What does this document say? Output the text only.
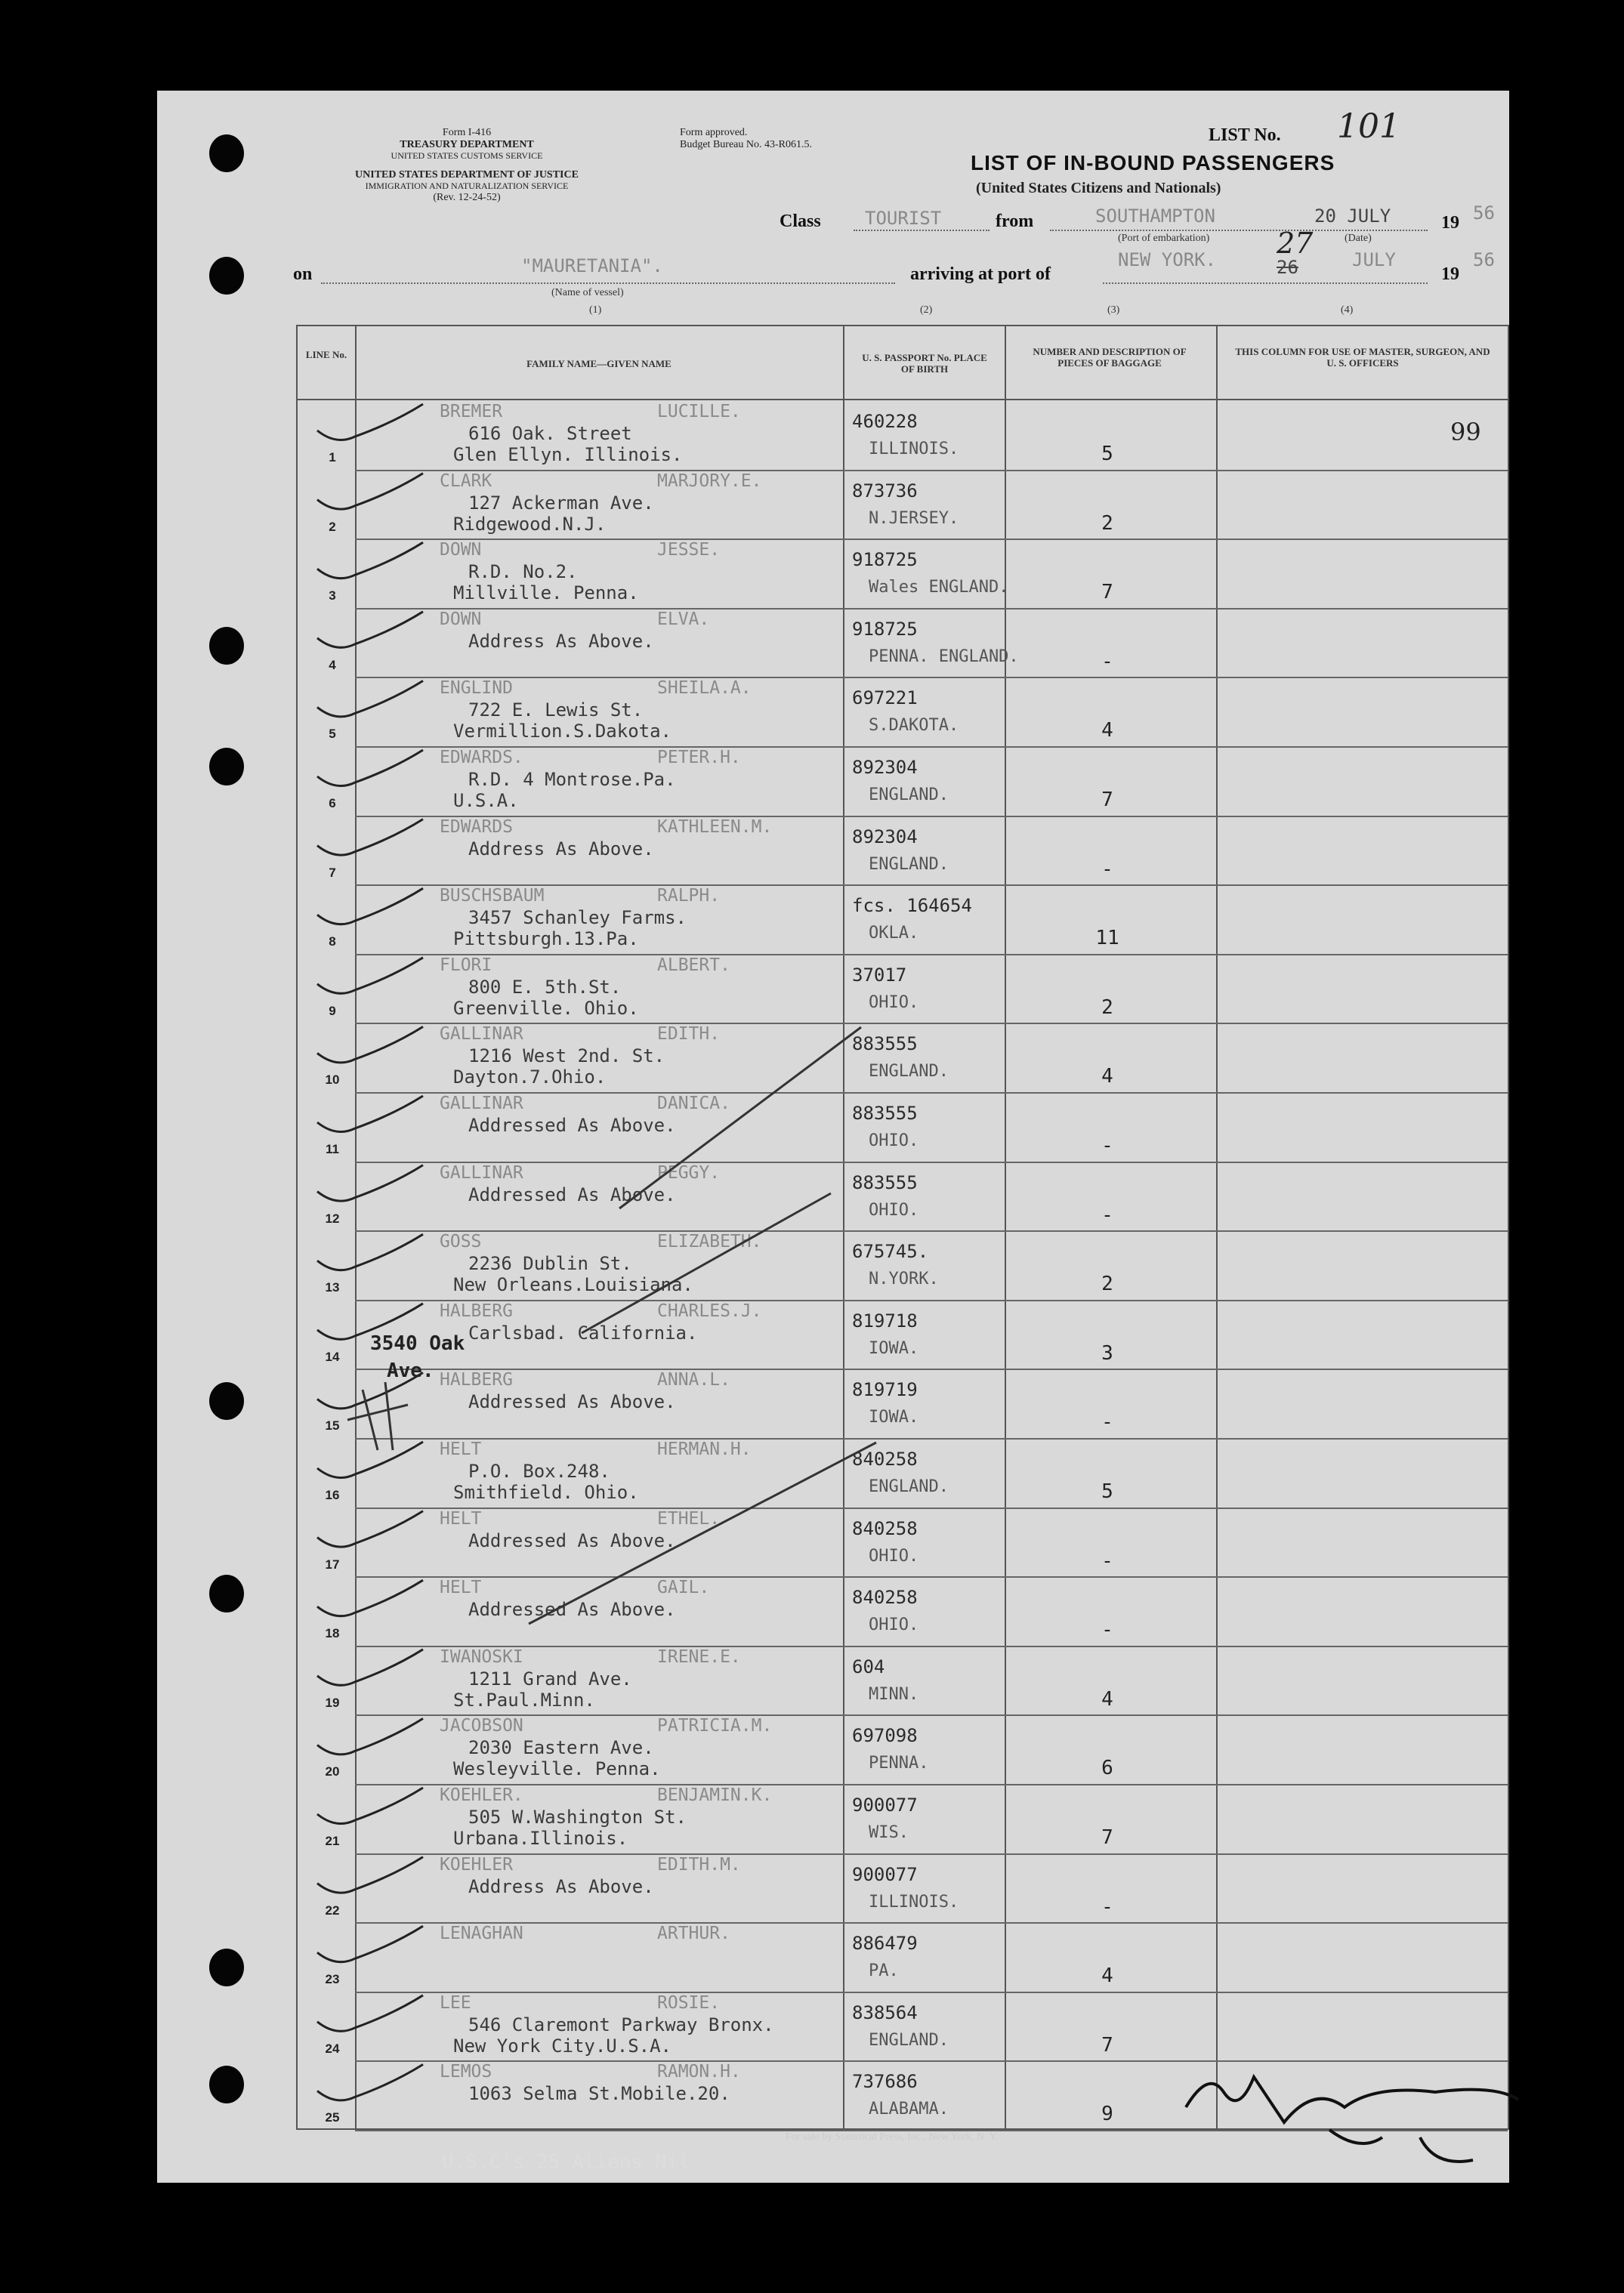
Form I-416
TREASURY DEPARTMENT
UNITED STATES CUSTOMS SERVICE
UNITED STATES DEPARTMENT OF JUSTICE
IMMIGRATION AND NATURALIZATION SERVICE
(Rev. 12-24-52)
Form approved.
Budget Bureau No. 43-R061.5.	LIST No. 101
LIST OF IN-BOUND PASSENGERS
(United States Citizens and Nationals)
Class TOURIST	from	SOUTHAMPTON	20 JULY	19 56
(Port of embarkation)	(Date)
on	"MAURETANIA".
(Name of vessel)
arriving at port of
NEW YORK. 27
26	JULY
19
56
(1)	(2)	(3)	(4)
LINE No.
FAMILY NAME—GIVEN NAME
U. S. PASSPORT No. PLACE OF BIRTH
NUMBER AND DESCRIPTION OF PIECES OF BAGGAGE
THIS COLUMN FOR USE OF MASTER, SURGEON, AND U. S. OFFICERS
1
BREMER	LUCILLE.
616 Oak. Street
Glen Ellyn. Illinois.
460228
ILLINOIS.	5
2
CLARK	MARJORY.E.
127 Ackerman Ave.
Ridgewood.N.J.
873736
N.JERSEY.	2
3
DOWN	JESSE.
R.D. No.2.
Millville. Penna.
918725
Wales ENGLAND.	7
4
DOWN	ELVA.
Address As Above.
918725
PENNA. ENGLAND.	-
5
ENGLIND	SHEILA.A.
722 E. Lewis St.
Vermillion.S.Dakota.
697221
S.DAKOTA.	4
6
EDWARDS.	PETER.H.
R.D. 4 Montrose.Pa.
U.S.A.
892304
ENGLAND.	7
7
EDWARDS	KATHLEEN.M.
Address As Above.
892304
ENGLAND.	-
8
BUSCHSBAUM	RALPH.
3457 Schanley Farms.
Pittsburgh.13.Pa.
fcs. 164654
OKLA.	11
9
FLORI	ALBERT.
800 E. 5th.St.
Greenville. Ohio.
37017
OHIO.	2
10
GALLINAR	EDITH.
1216 West 2nd. St.
Dayton.7.Ohio.
883555
ENGLAND.	4
11
GALLINAR	DANICA.
Addressed As Above.
883555
OHIO.	-
12
GALLINAR	PEGGY.
Addressed As Above.
883555
OHIO.	-
13
GOSS	ELIZABETH.
2236 Dublin St.
New Orleans.Louisiana.
675745.
N.YORK.	2
14
HALBERG	CHARLES.J.
Carlsbad. California.
819718
IOWA.	3
15
HALBERG	ANNA.L.
Addressed As Above.
819719
IOWA.	-
16
HELT	HERMAN.H.
P.O. Box.248.
Smithfield. Ohio.
840258
ENGLAND.	5
17
HELT	ETHEL.
Addressed As Above.
840258
OHIO.	-
18
HELT	GAIL.
Addressed As Above.
840258
OHIO.	-
19
IWANOSKI	IRENE.E.
1211 Grand Ave.
St.Paul.Minn.
604
MINN.	4
20
JACOBSON	PATRICIA.M.
2030 Eastern Ave.
Wesleyville. Penna.
697098
PENNA.	6
21
KOEHLER.	BENJAMIN.K.
505 W.Washington St.
Urbana.Illinois.
900077
WIS.	7
22
KOEHLER	EDITH.M.
Address As Above.
900077
ILLINOIS.	-
23
LENAGHAN	ARTHUR.	886479
PA.	4
24
LEE	ROSIE.
546 Claremont Parkway Bronx.
New York City.U.S.A.
838564
ENGLAND.	7
25
LEMOS	RAMON.H.
1063 Selma St.Mobile.20.
737686
ALABAMA.	9
99
3540 Oak
Ave.
For sale by Statistical Press, Inc., New York, N. Y.
U.S.C's 25 Aliens Nil
